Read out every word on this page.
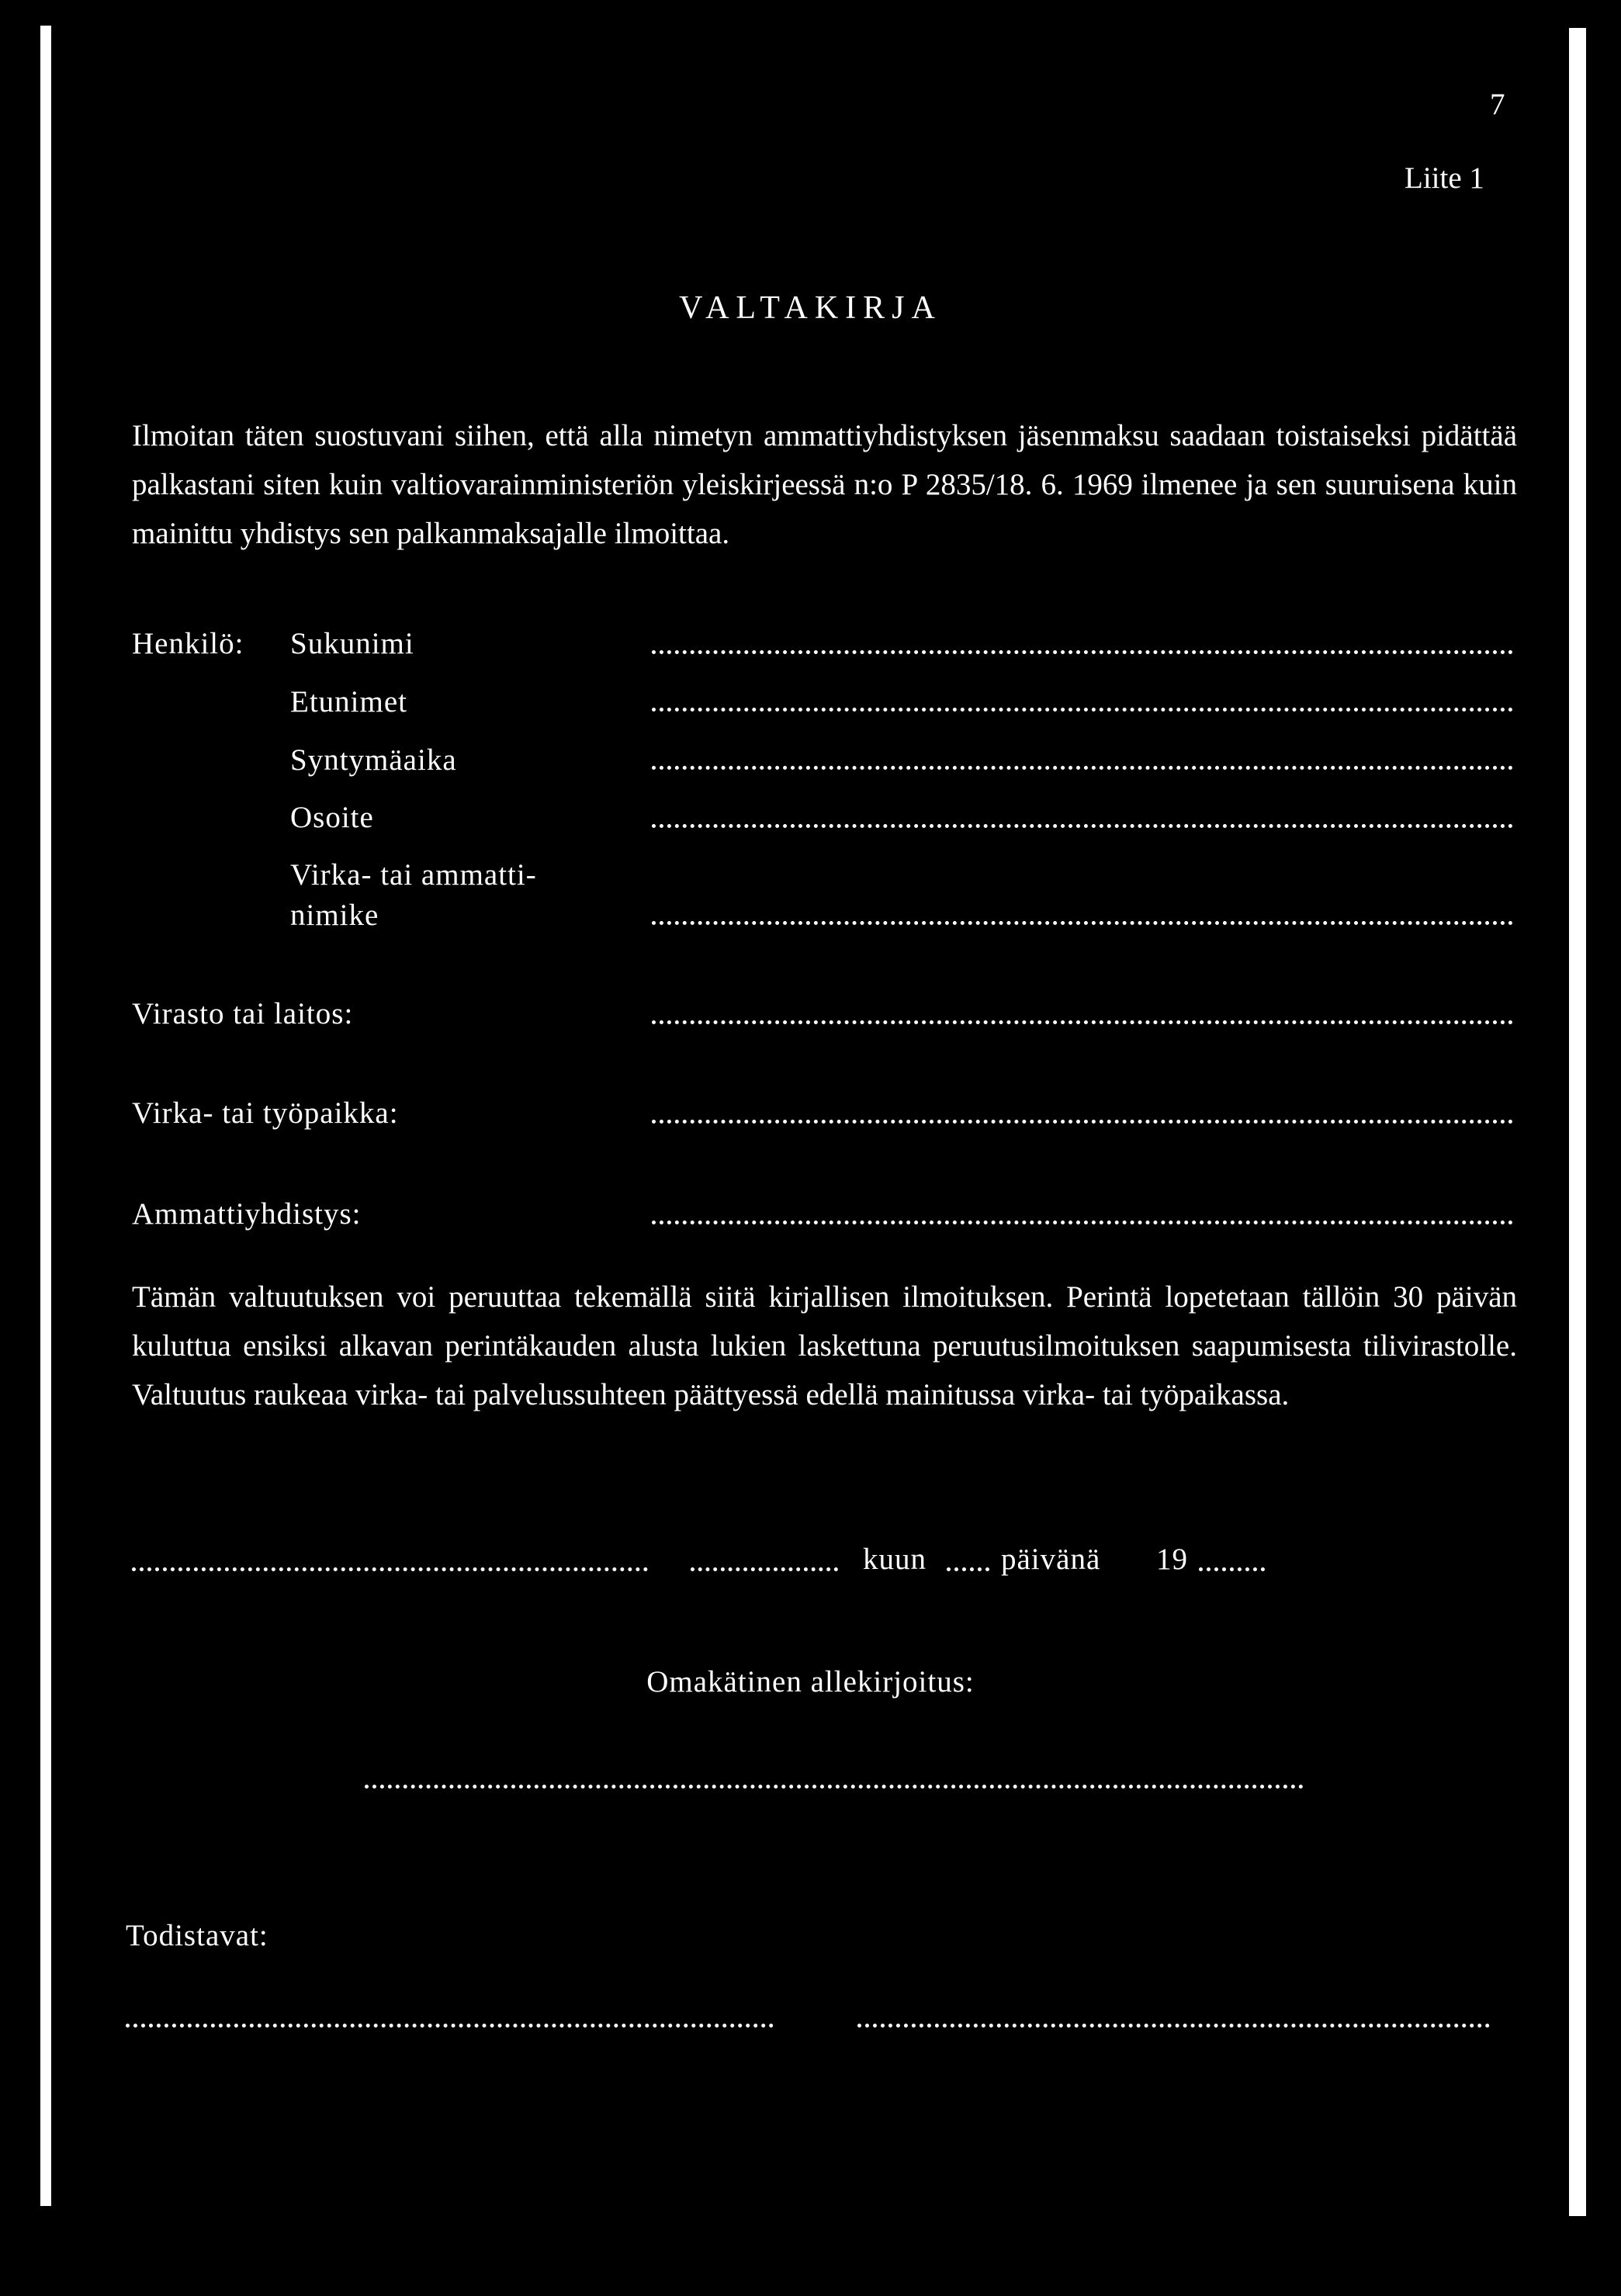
7
Liite 1
VALTAKIRJA
Ilmoitan täten suostuvani siihen, että alla nimetyn ammattiyhdistyksen jäsenmaksu saadaan toistaiseksi pidättää palkastani siten kuin valtiovarainministeriön yleiskirjeessä n:o P 2835/18. 6. 1969 ilmenee ja sen suuruisena kuin mainittu yhdistys sen palkanmaksajalle ilmoittaa.
Henkilö: Sukunimi
Etunimet
Syntymäaika
Osoite
Virka- tai ammatti-
nimike
Virasto tai laitos:
Virka- tai työpaikka:
Ammattiyhdistys:
Tämän valtuutuksen voi peruuttaa tekemällä siitä kirjallisen ilmoituksen. Perintä lopetetaan tällöin 30 päivän kuluttua ensiksi alkavan perintäkauden alusta lukien laskettuna peruutusilmoituksen saapumisesta tilivirastolle. Valtuutus raukeaa virka- tai palvelussuhteen päättyessä edellä mainitussa virka- tai työpaikassa.
kuun päivänä 19
Omakätinen allekirjoitus:
Todistavat:
